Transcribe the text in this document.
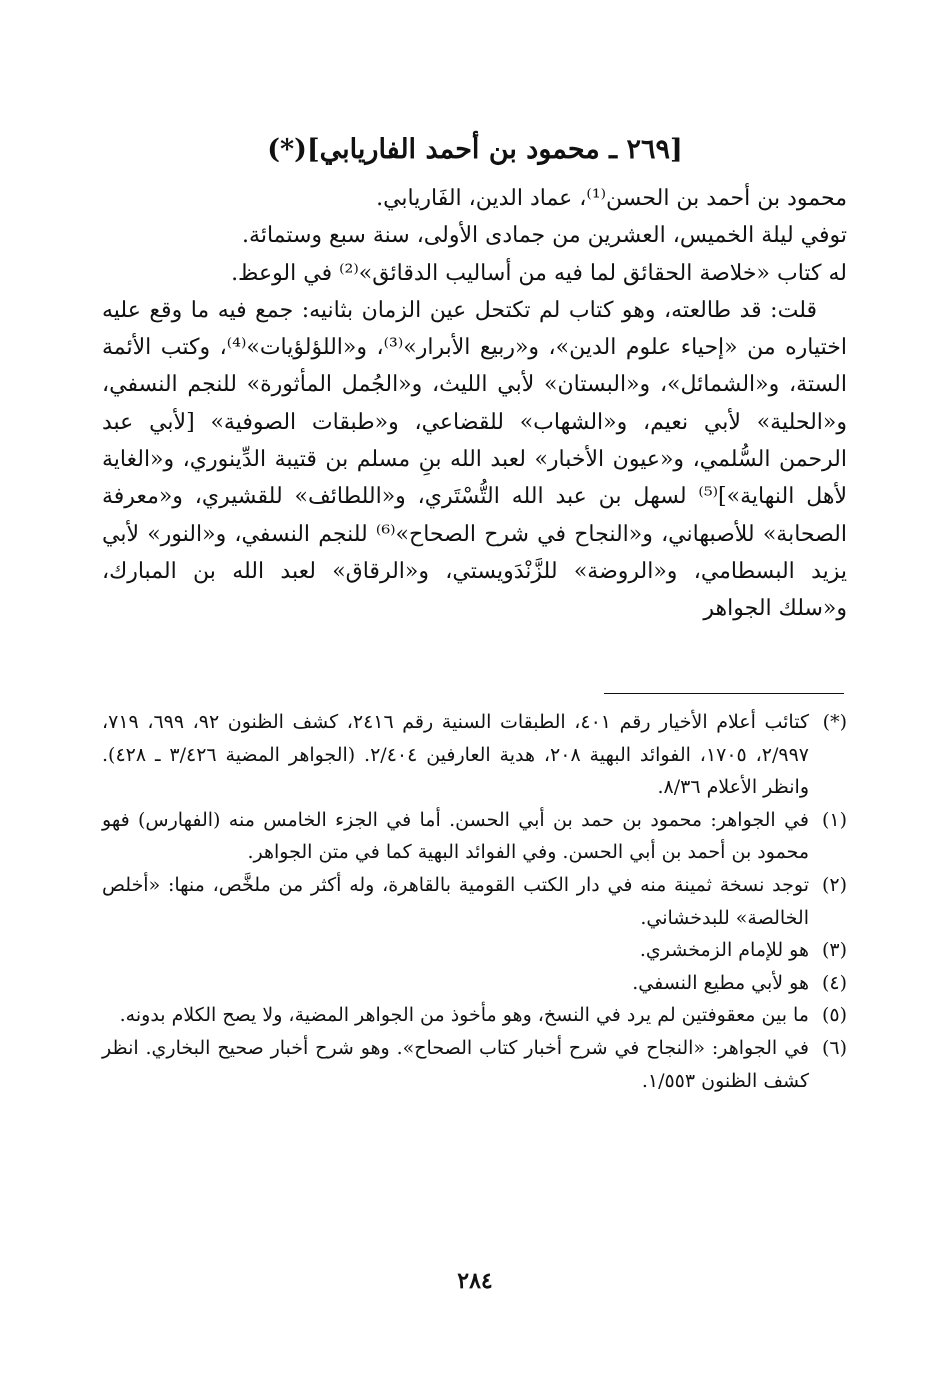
[٢٦٩ ـ محمود بن أحمد الفاريابي](*)

محمود بن أحمد بن الحسن⁽¹⁾، عماد الدين، الفَاريابي.

توفي ليلة الخميس، العشرين من جمادى الأولى، سنة سبع وستمائة.

له كتاب «خلاصة الحقائق لما فيه من أساليب الدقائق»⁽²⁾ في الوعظ.

قلت: قد طالعته، وهو كتاب لم تكتحل عين الزمان بثانيه: جمع فيه ما وقع عليه اختياره من «إحياء علوم الدين»، و«ربيع الأبرار»⁽³⁾، و«اللؤلؤيات»⁽⁴⁾، وكتب الأئمة الستة، و«الشمائل»، و«البستان» لأبي الليث، و«الجُمل المأثورة» للنجم النسفي، و«الحلية» لأبي نعيم، و«الشهاب» للقضاعي، و«طبقات الصوفية» [لأبي عبد الرحمن السُّلمي، و«عيون الأخبار» لعبد الله بنِ مسلم بن قتيبة الدِّينوري، و«الغاية لأهل النهاية»]⁽⁵⁾ لسهل بن عبد الله التُّسْتَري، و«اللطائف» للقشيري، و«معرفة الصحابة» للأصبهاني، و«النجاح في شرح الصحاح»⁽⁶⁾ للنجم النسفي، و«النور» لأبي يزيد البسطامي، و«الروضة» للزَّنْدَويستي، و«الرقاق» لعبد الله بن المبارك، و«سلك الجواهر

(*)
كتائب أعلام الأخيار رقم ٤٠١، الطبقات السنية رقم ٢٤١٦، كشف الظنون ٩٢، ٦٩٩، ٧١٩، ٢/٩٩٧، ١٧٠٥، الفوائد البهية ٢٠٨، هدية العارفين ٢/٤٠٤. (الجواهر المضية ٣/٤٢٦ ـ ٤٢٨). وانظر الأعلام ٨/٣٦.
(١)
في الجواهر: محمود بن حمد بن أبي الحسن. أما في الجزء الخامس منه (الفهارس) فهو محمود بن أحمد بن أبي الحسن. وفي الفوائد البهية كما في متن الجواهر.
(٢)
توجد نسخة ثمينة منه في دار الكتب القومية بالقاهرة، وله أكثر من ملخَّص، منها: «أخلص الخالصة» للبدخشاني.
(٣)
هو للإمام الزمخشري.
(٤)
هو لأبي مطيع النسفي.
(٥)
ما بين معقوفتين لم يرد في النسخ، وهو مأخوذ من الجواهر المضية، ولا يصح الكلام بدونه.
(٦)
في الجواهر: «النجاح في شرح أخبار كتاب الصحاح». وهو شرح أخبار صحيح البخاري. انظر كشف الظنون ١/٥٥٣.
٢٨٤
